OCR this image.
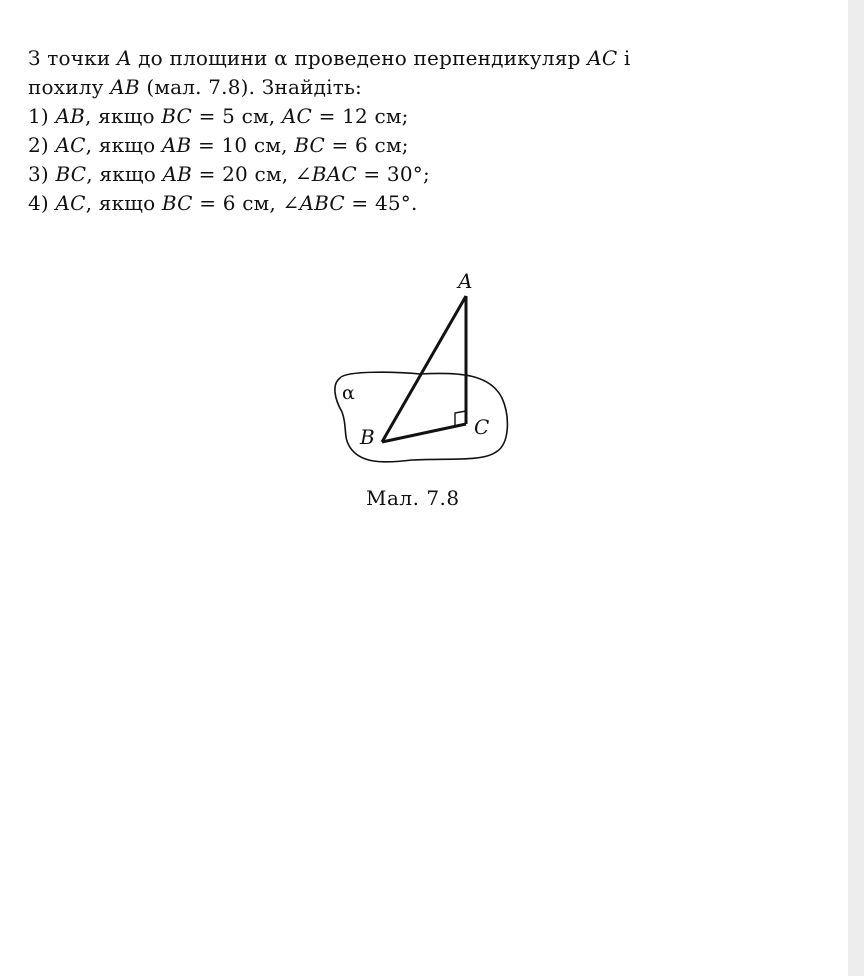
З точки A до площини α проведено перпендикуляр AC і
похилу AB (мал. 7.8). Знайдіть:
1) AB, якщо BC = 5 см, AC = 12 см;
2) AC, якщо AB = 10 см, BC = 6 см;
3) BC, якщо AB = 20 см, ∠BAC = 30°;
4) AC, якщо BC = 6 см, ∠ABC = 45°.
A
B	C
α
Мал. 7.8
